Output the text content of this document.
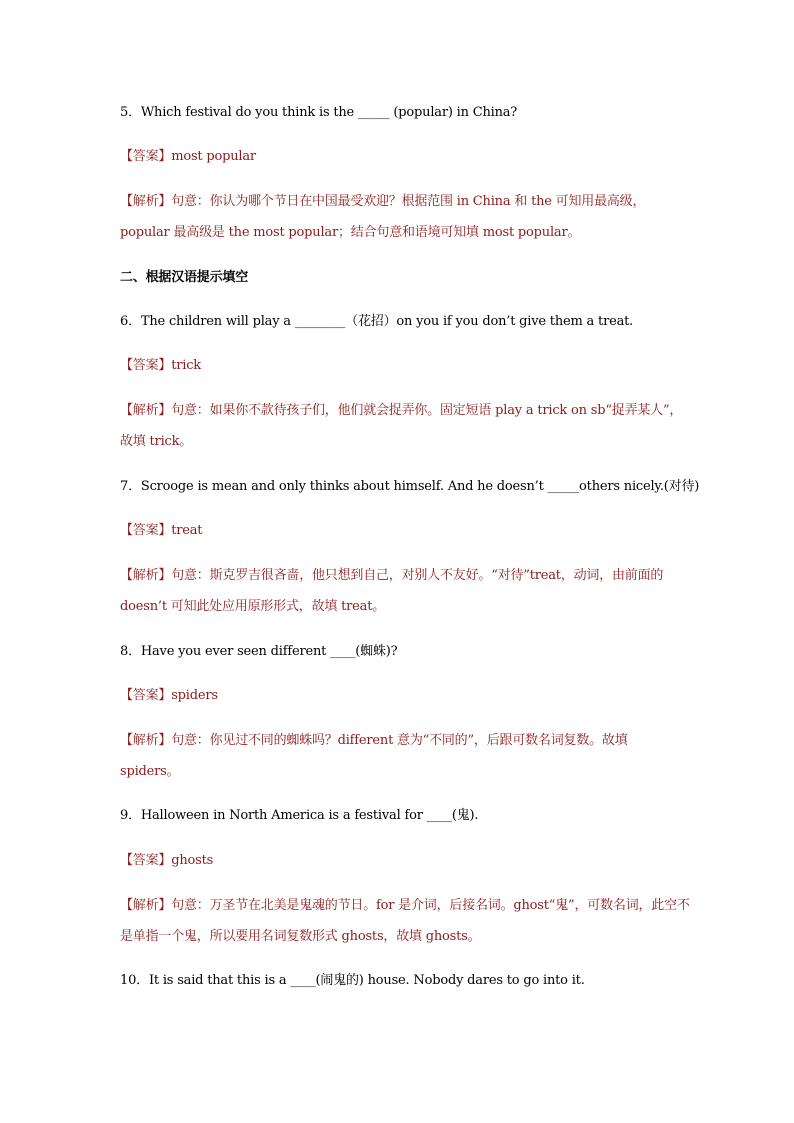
5．Which festival do you think is the _____ (popular) in China?
【答案】most popular
【解析】句意：你认为哪个节日在中国最受欢迎？根据范围 in China 和 the 可知用最高级，popular 最高级是 the most popular；结合句意和语境可知填 most popular。
二、根据汉语提示填空
6．The children will play a ________（花招）on you if you don’t give them a treat.
【答案】trick
【解析】句意：如果你不款待孩子们，他们就会捉弄你。固定短语 play a trick on sb“捉弄某人”，故填 trick。
7．Scrooge is mean and only thinks about himself. And he doesn’t _____others nicely.(对待)
【答案】treat
【解析】句意：斯克罗吉很吝啬，他只想到自己，对别人不友好。“对待”treat，动词，由前面的 doesn’t 可知此处应用原形形式，故填 treat。
8．Have you ever seen different ____(蜘蛛)?
【答案】spiders
【解析】句意：你见过不同的蜘蛛吗？different 意为“不同的”，后跟可数名词复数。故填 spiders。
9．Halloween in North America is a festival for ____(鬼).
【答案】ghosts
【解析】句意：万圣节在北美是鬼魂的节日。for 是介词，后接名词。ghost“鬼”，可数名词，此空不是单指一个鬼，所以要用名词复数形式 ghosts，故填 ghosts。
10．It is said that this is a ____(闹鬼的) house. Nobody dares to go into it.
